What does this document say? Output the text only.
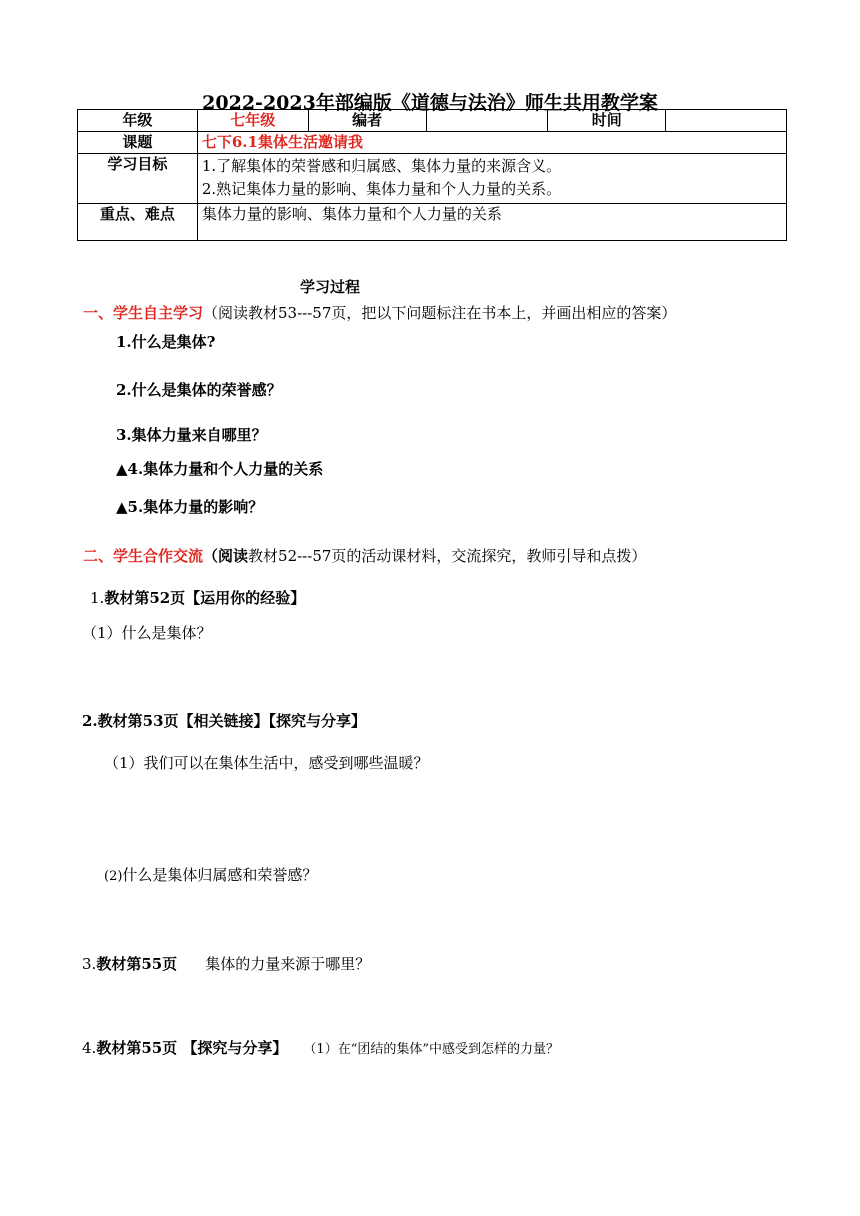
2022-2023年部编版《道德与法治》师生共用教学案
年级	七年级	编者		时间	
课题	七下6.1集体生活邀请我				
学习目标	1.了解集体的荣誉感和归属感、集体力量的来源含义。
2.熟记集体力量的影响、集体力量和个人力量的关系。				

重点、难点	集体力量的影响、集体力量和个人力量的关系				
学习过程
一、学生自主学习（阅读教材53---57页，把以下问题标注在书本上，并画出相应的答案）
1.什么是集体?
2.什么是集体的荣誉感？
3.集体力量来自哪里？
▲4.集体力量和个人力量的关系
▲5.集体力量的影响？
二、学生合作交流（阅读教材52---57页的活动课材料，交流探究，教师引导和点拨）
1.教材第52页【运用你的经验】
（1）什么是集体？
2.教材第53页【相关链接】【探究与分享】
（1）我们可以在集体生活中，感受到哪些温暖？
(2)什么是集体归属感和荣誉感？
3.教材第55页 集体的力量来源于哪里？
4.教材第55页 【探究与分享】 （1）在“团结的集体”中感受到怎样的力量？
